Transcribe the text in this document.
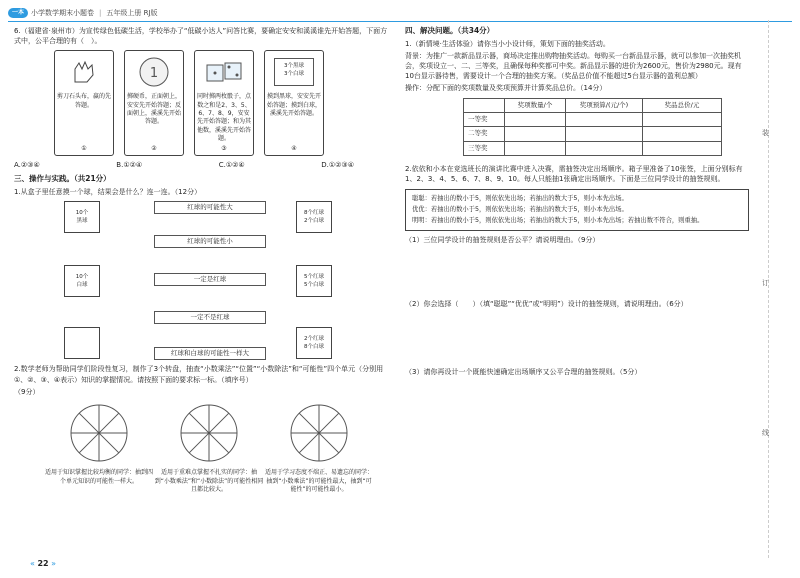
一本	小学数学期末小题卷 | 五年级上册 RJ版

6.（福建省·泉州市）为宣传绿色低碳生活，学校举办了“低碳小达人”问答比赛，要确定安安和溪溪谁先开始答题，下面方式中，公平合理的有（　）。

剪刀石头布，赢的先答题。
①
1
掷硬币，正面朝上，安安先开始答题；反面朝上，溪溪先开始答题。
②
同时掷两枚骰子，点数之和是2、3、5、6、7、8、9，安安先开始答题；和为其他数，溪溪先开始答题。
③
3个黑球
3个白球
摸到黑球，安安先开始答题；摸到白球，溪溪先开始答题。
④
A.②③④	B.①②④	C.①②④	D.①②③④

三、操作与实践。（共21分）

1.从盒子里任意摸一个球，结果会是什么？连一连。（12分）

10个
黑球
10个
白球
红球的可能性大
红球的可能性小
一定是红球
一定不是红球
红球和白球的可能性一样大
8个红球
2个白球
5个红球
5个白球
2个红球
8个白球

2.数学老师为帮助同学们阶段性复习，制作了3个转盘，抽查“小数乘法”“位置”“小数除法”和“可能性”四个单元（分别用①、②、③、④表示）知识的掌握情况。请按照下面的要求标一标。（填序号）

（9分）

适用于知识掌握比较均衡的同学：抽到四个单元知识的可能性一样大。
适用于重难点掌握不扎实的同学：抽到“小数乘法”和“小数除法”的可能性相同且都比较大。
适用于学习态度不端正、易遗忘的同学：抽到“小数乘法”的可能性最大，抽到“可能性”的可能性最小。

四、解决问题。（共34分）

1.（新情境·生活体验）请你当小小设计师，策划下面的抽奖活动。

背景：为推广一款新品显示器，商场决定推出购物抽奖活动。每购买一台新品显示器，就可以参加一次抽奖机会，奖项设立一、二、三等奖，且确保每种奖都可中奖。新品显示器的进价为2600元，售价为2980元。现有10台显示器待售，需要设计一个合理的抽奖方案。（奖品总价值不能超过5台显示器的盈利总额）

操作：分配下面的奖项数量及奖项预算并计算奖品总价。（14分）

	奖项数量/个	奖项预算/(元/个)	奖品总价/元
一等奖			
二等奖			
三等奖			

2.依依和小本在竞选班长的演讲比赛中进入决赛，需抽签决定出场顺序。箱子里准备了10张签，上面分别标有1、2、3、4、5、6、7、8、9、10。每人只能抽1张确定出场顺序。下面是三位同学设计的抽签规则。

聪聪：若抽出的数小于5，则依依先出场；若抽出的数大于5，则小本先出场。
优优：若抽出的数小于5，则依依先出场；若抽出的数大于5，则小本先出场。
明明：若抽出的数小于5，则依依先出场；若抽出的数大于5，则小本先出场；若抽出数不符合，则重抽。

（1）三位同学设计的抽签规则是否公平？请说明理由。（9分）

（2）你会选择（　　）（填“聪聪”“优优”或“明明”）设计的抽签规则，请说明理由。（6分）

（3）请你再设计一个既能快速确定出场顺序又公平合理的抽签规则。（5分）

装
订
线
« 22 »
